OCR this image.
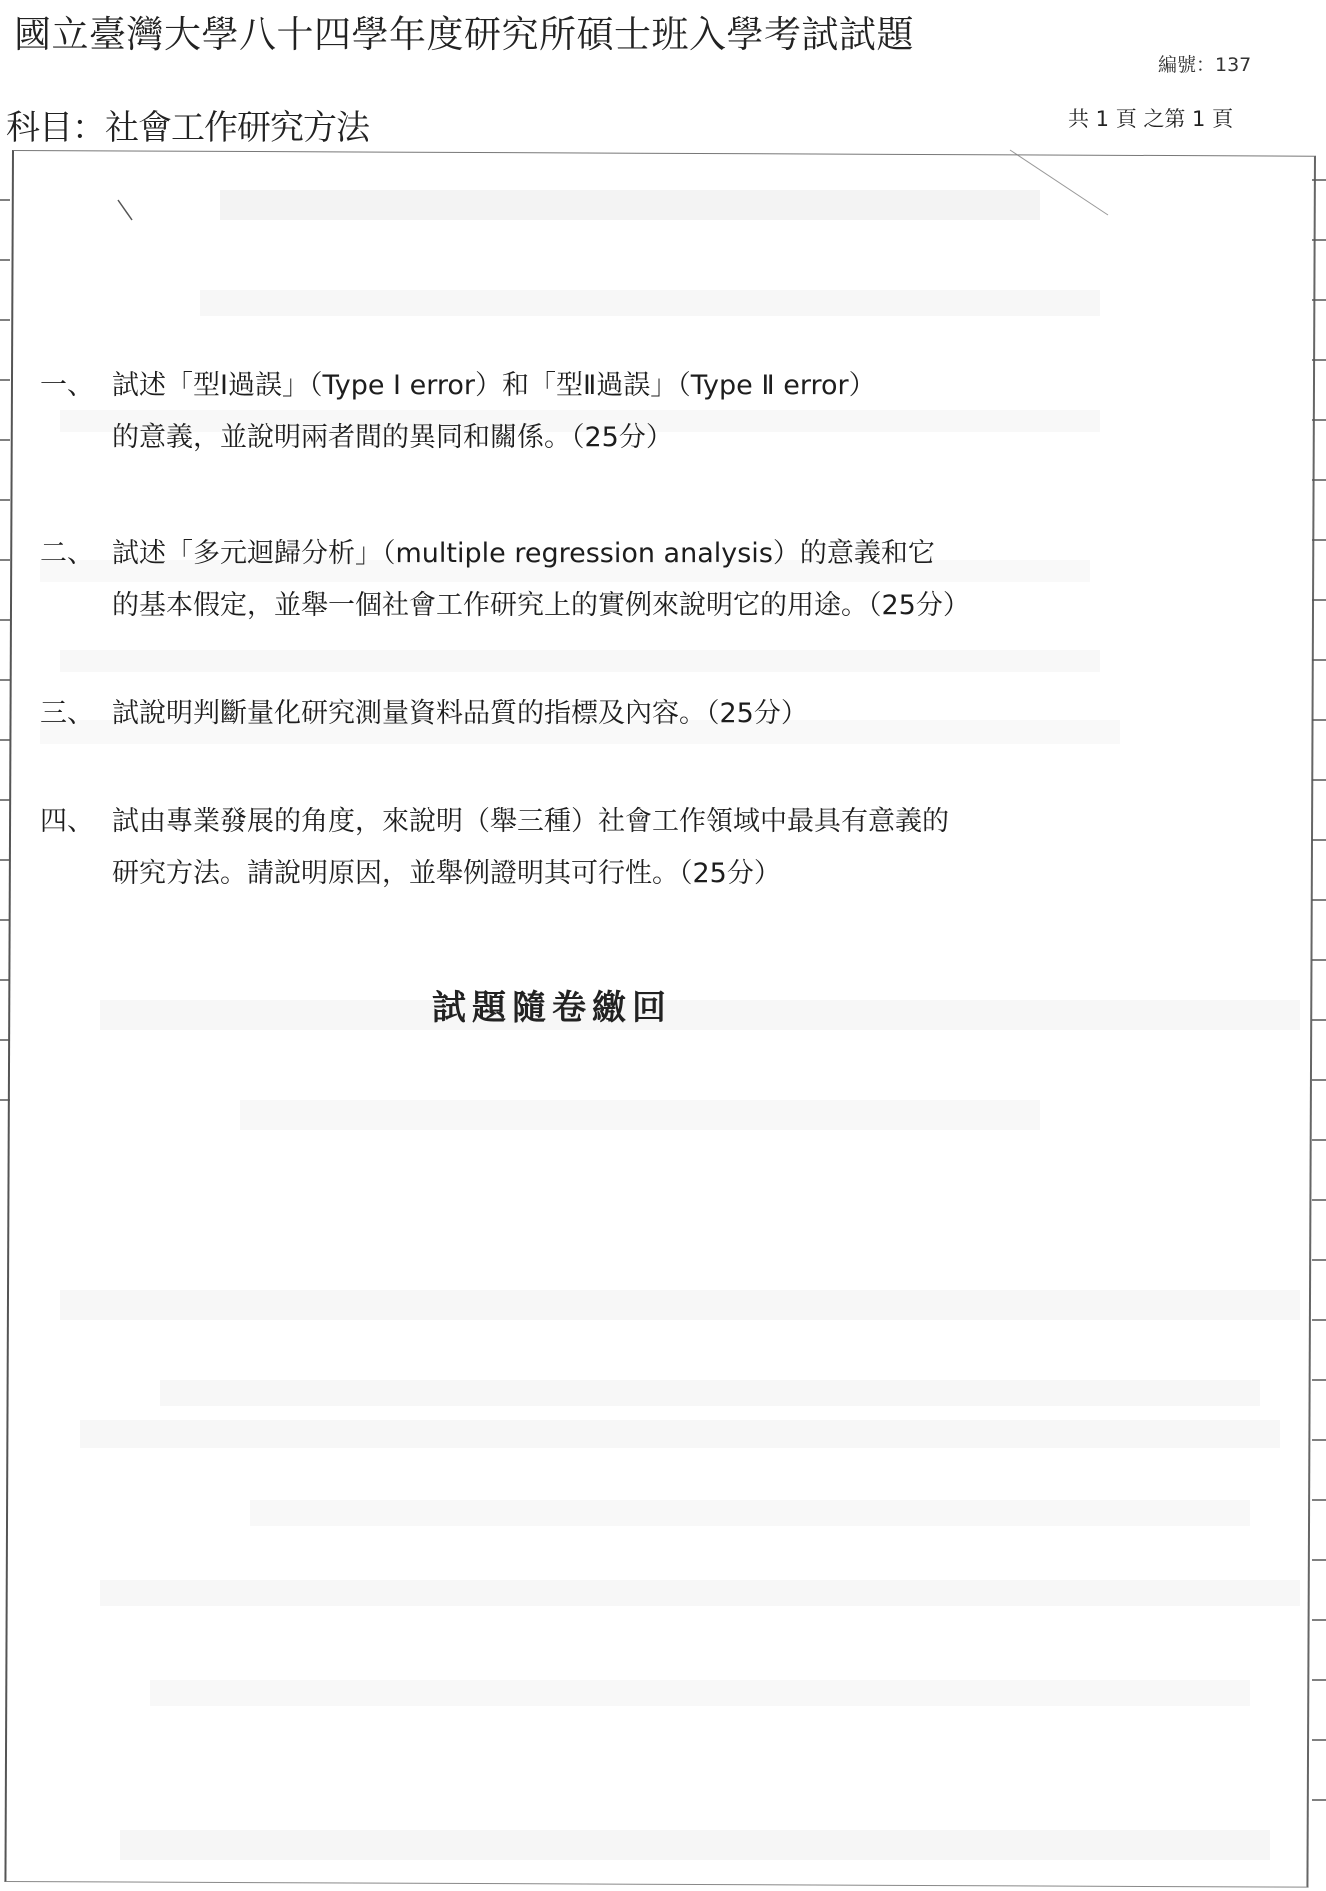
國立臺灣大學八十四學年度研究所碩士班入學考試試題
編號：137
科目：社會工作研究方法	共 1 頁 之第 1 頁
一、 試述「型Ⅰ過誤」（Type Ⅰ error）和「型Ⅱ過誤」（Type Ⅱ error）
的意義，並說明兩者間的異同和關係。（25分）
二、 試述「多元迴歸分析」（multiple regression analysis）的意義和它
的基本假定，並舉一個社會工作研究上的實例來說明它的用途。（25分）
三、 試說明判斷量化研究測量資料品質的指標及內容。（25分）
四、 試由專業發展的角度，來說明（舉三種）社會工作領域中最具有意義的
研究方法。請說明原因，並舉例證明其可行性。（25分）
試題隨卷繳回
